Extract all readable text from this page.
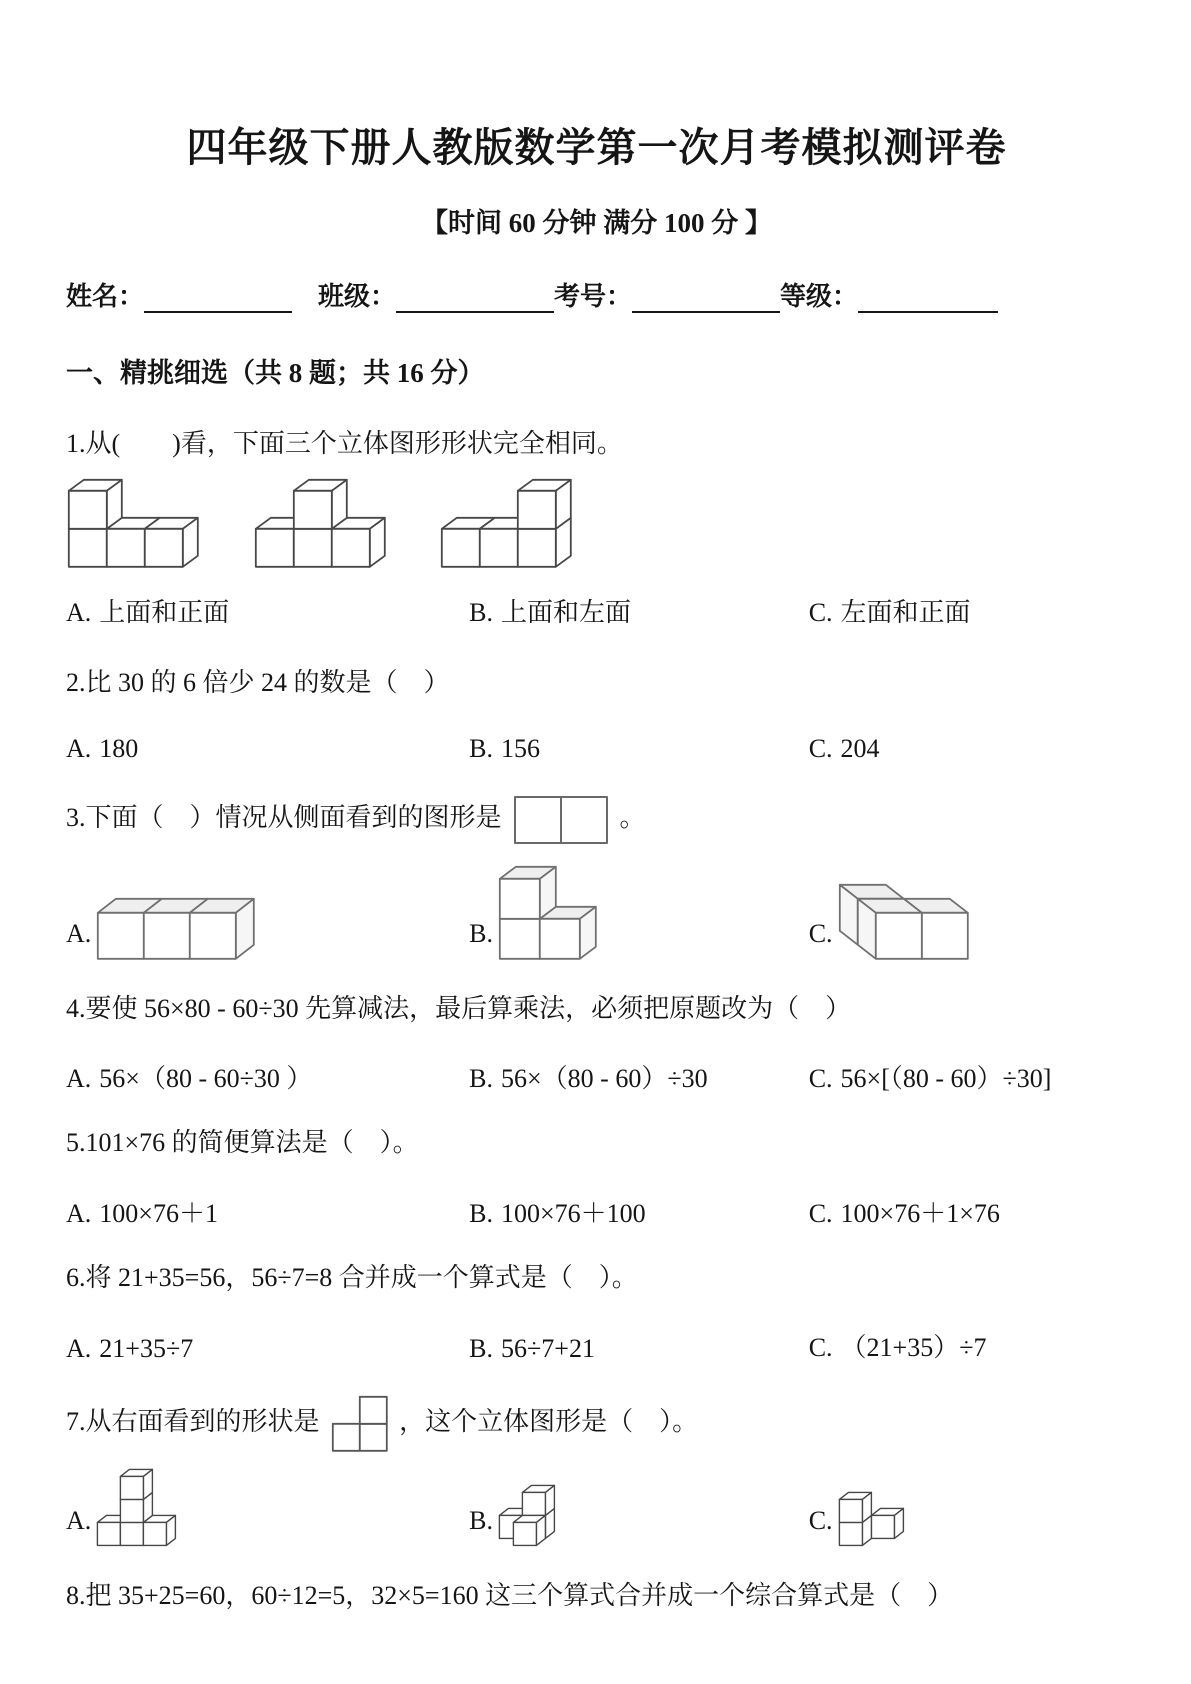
四年级下册人教版数学第一次月考模拟测评卷
【时间 60 分钟 满分 100 分 】
姓名：	班级：	考号：	等级：
一、精挑细选（共 8 题；共 16 分）
1.从(　　)看，下面三个立体图形形状完全相同。
A. 上面和正面	B. 上面和左面	C. 左面和正面
2.比 30 的 6 倍少 24 的数是（　）
A. 180	B. 156	C. 204
3.下面（　）情况从侧面看到的图形是	。
A.	B.	C.
4.要使 56×80 - 60÷30 先算减法，最后算乘法，必须把原题改为（　）
A. 56×（80 - 60÷30 ）	B. 56×（80 - 60）÷30	C. 56×[（80 - 60）÷30]
5.101×76 的简便算法是（　）。
A. 100×76＋1	B. 100×76＋100	C. 100×76＋1×76
6.将 21+35=56，56÷7=8 合并成一个算式是（　）。
A. 21+35÷7	B. 56÷7+21	C. （21+35）÷7
7.从右面看到的形状是	，这个立体图形是（　）。
A.	B.	C.
8.把 35+25=60，60÷12=5，32×5=160 这三个算式合并成一个综合算式是（　）
